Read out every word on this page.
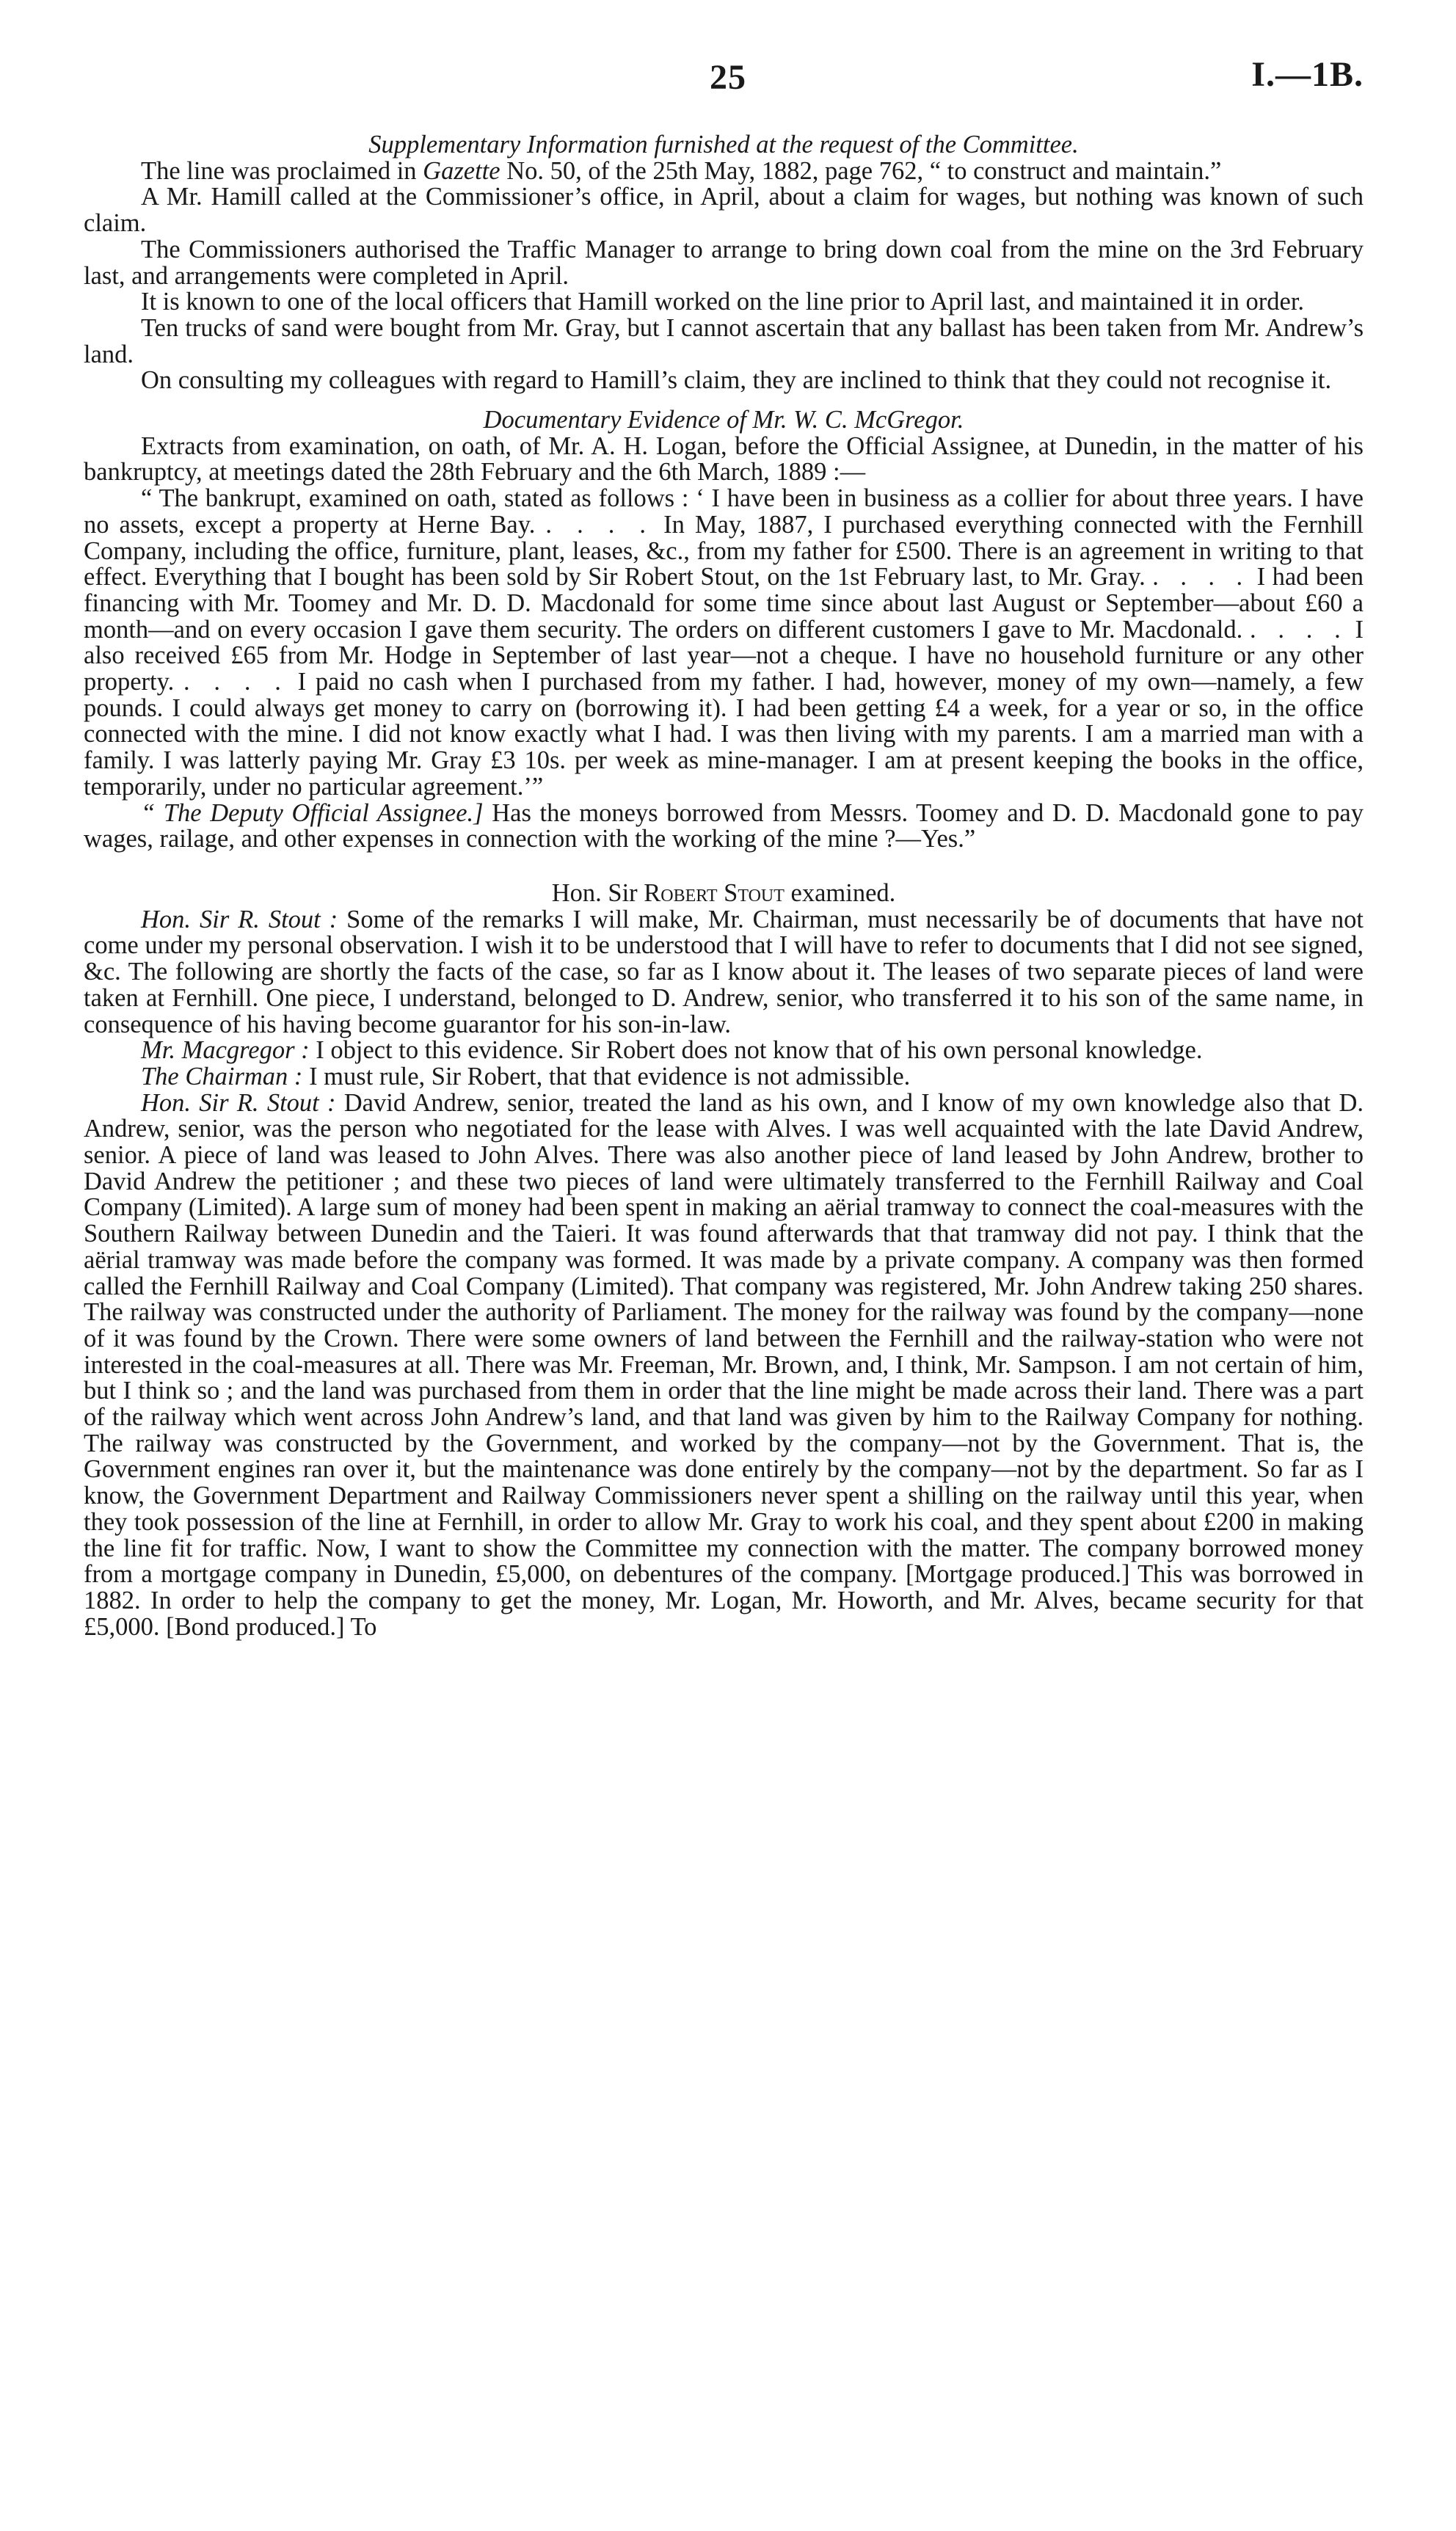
25	I.—1B.

Supplementary Information furnished at the request of the Committee.

The line was proclaimed in Gazette No. 50, of the 25th May, 1882, page 762, “ to construct and maintain.”

A Mr. Hamill called at the Commissioner’s office, in April, about a claim for wages, but nothing was known of such claim.

The Commissioners authorised the Traffic Manager to arrange to bring down coal from the mine on the 3rd February last, and arrangements were completed in April.

It is known to one of the local officers that Hamill worked on the line prior to April last, and maintained it in order.

Ten trucks of sand were bought from Mr. Gray, but I cannot ascertain that any ballast has been taken from Mr. Andrew’s land.

On consulting my colleagues with regard to Hamill’s claim, they are inclined to think that they could not recognise it.

Documentary Evidence of Mr. W. C. McGregor.

Extracts from examination, on oath, of Mr. A. H. Logan, before the Official Assignee, at Dunedin, in the matter of his bankruptcy, at meetings dated the 28th February and the 6th March, 1889 :—

“ The bankrupt, examined on oath, stated as follows : ‘ I have been in business as a collier for about three years. I have no assets, except a property at Herne Bay. . . . . In May, 1887, I purchased everything connected with the Fernhill Company, including the office, furniture, plant, leases, &c., from my father for £500. There is an agreement in writing to that effect. Everything that I bought has been sold by Sir Robert Stout, on the 1st February last, to Mr. Gray. . . . . I had been financing with Mr. Toomey and Mr. D. D. Macdonald for some time since about last August or September—about £60 a month—and on every occasion I gave them security. The orders on different customers I gave to Mr. Macdonald. . . . . I also received £65 from Mr. Hodge in September of last year—not a cheque. I have no household furniture or any other property. . . . . I paid no cash when I purchased from my father. I had, however, money of my own—namely, a few pounds. I could always get money to carry on (borrowing it). I had been getting £4 a week, for a year or so, in the office connected with the mine. I did not know exactly what I had. I was then living with my parents. I am a married man with a family. I was latterly paying Mr. Gray £3 10s. per week as mine-manager. I am at present keeping the books in the office, temporarily, under no particular agreement.’”

“ The Deputy Official Assignee.] Has the moneys borrowed from Messrs. Toomey and D. D. Macdonald gone to pay wages, railage, and other expenses in connection with the working of the mine ?—Yes.”

Hon. Sir Robert Stout examined.

Hon. Sir R. Stout : Some of the remarks I will make, Mr. Chairman, must necessarily be of documents that have not come under my personal observation. I wish it to be understood that I will have to refer to documents that I did not see signed, &c. The following are shortly the facts of the case, so far as I know about it. The leases of two separate pieces of land were taken at Fernhill. One piece, I understand, belonged to D. Andrew, senior, who transferred it to his son of the same name, in consequence of his having become guarantor for his son-in-law.

Mr. Macgregor : I object to this evidence. Sir Robert does not know that of his own personal knowledge.

The Chairman : I must rule, Sir Robert, that that evidence is not admissible.

Hon. Sir R. Stout : David Andrew, senior, treated the land as his own, and I know of my own knowledge also that D. Andrew, senior, was the person who negotiated for the lease with Alves. I was well acquainted with the late David Andrew, senior. A piece of land was leased to John Alves. There was also another piece of land leased by John Andrew, brother to David Andrew the petitioner ; and these two pieces of land were ultimately transferred to the Fernhill Railway and Coal Company (Limited). A large sum of money had been spent in making an aërial tramway to connect the coal-measures with the Southern Railway between Dunedin and the Taieri. It was found afterwards that that tramway did not pay. I think that the aërial tramway was made before the company was formed. It was made by a private company. A company was then formed called the Fernhill Railway and Coal Company (Limited). That company was registered, Mr. John Andrew taking 250 shares. The railway was constructed under the authority of Parliament. The money for the railway was found by the company—none of it was found by the Crown. There were some owners of land between the Fernhill and the railway-station who were not interested in the coal-measures at all. There was Mr. Freeman, Mr. Brown, and, I think, Mr. Sampson. I am not certain of him, but I think so ; and the land was purchased from them in order that the line might be made across their land. There was a part of the railway which went across John Andrew’s land, and that land was given by him to the Railway Company for nothing. The railway was constructed by the Government, and worked by the company—not by the Government. That is, the Government engines ran over it, but the maintenance was done entirely by the company—not by the department. So far as I know, the Government Department and Railway Commissioners never spent a shilling on the railway until this year, when they took possession of the line at Fernhill, in order to allow Mr. Gray to work his coal, and they spent about £200 in making the line fit for traffic. Now, I want to show the Committee my connection with the matter. The company borrowed money from a mortgage company in Dunedin, £5,000, on debentures of the company. [Mortgage produced.] This was borrowed in 1882. In order to help the company to get the money, Mr. Logan, Mr. Howorth, and Mr. Alves, became security for that £5,000. [Bond produced.] To
